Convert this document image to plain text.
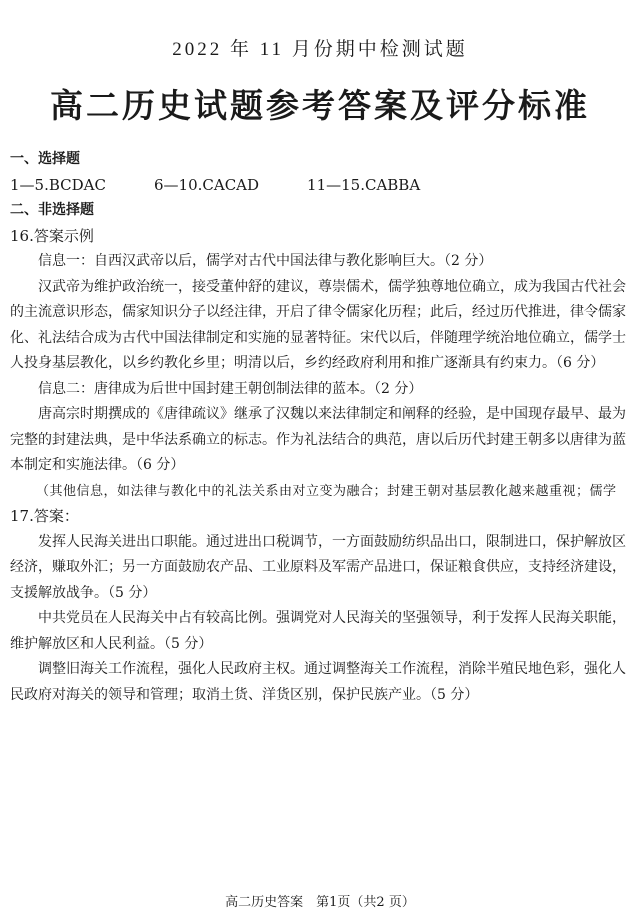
2022 年 11 月份期中检测试题
高二历史试题参考答案及评分标准
一、选择题
1—5.BCDAC	6—10.CACAD	11—15.CABBA
二、非选择题
16.答案示例
信息一：自西汉武帝以后，儒学对古代中国法律与教化影响巨大。（2 分）
汉武帝为维护政治统一，接受董仲舒的建议，尊崇儒术，儒学独尊地位确立，成为我国古代社会的主流意识形态，儒家知识分子以经注律，开启了律令儒家化历程；此后，经过历代推进，律令儒家化、礼法结合成为古代中国法律制定和实施的显著特征。宋代以后，伴随理学统治地位确立，儒学士人投身基层教化，以乡约教化乡里；明清以后，乡约经政府利用和推广逐渐具有约束力。（6 分）
信息二：唐律成为后世中国封建王朝创制法律的蓝本。（2 分）
唐高宗时期撰成的《唐律疏议》继承了汉魏以来法律制定和阐释的经验，是中国现存最早、最为完整的封建法典，是中华法系确立的标志。作为礼法结合的典范，唐以后历代封建王朝多以唐律为蓝本制定和实施法律。（6 分）
（其他信息，如法律与教化中的礼法关系由对立变为融合；封建王朝对基层教化越来越重视；儒学
17.答案：
发挥人民海关进出口职能。通过进出口税调节，一方面鼓励纺织品出口，限制进口，保护解放区经济，赚取外汇；另一方面鼓励农产品、工业原料及军需产品进口，保证粮食供应，支持经济建设，支援解放战争。（5 分）
中共党员在人民海关中占有较高比例。强调党对人民海关的坚强领导，利于发挥人民海关职能，维护解放区和人民利益。（5 分）
调整旧海关工作流程，强化人民政府主权。通过调整海关工作流程，消除半殖民地色彩，强化人民政府对海关的领导和管理；取消土货、洋货区别，保护民族产业。（5 分）
高二历史答案　第1页（共2 页）
